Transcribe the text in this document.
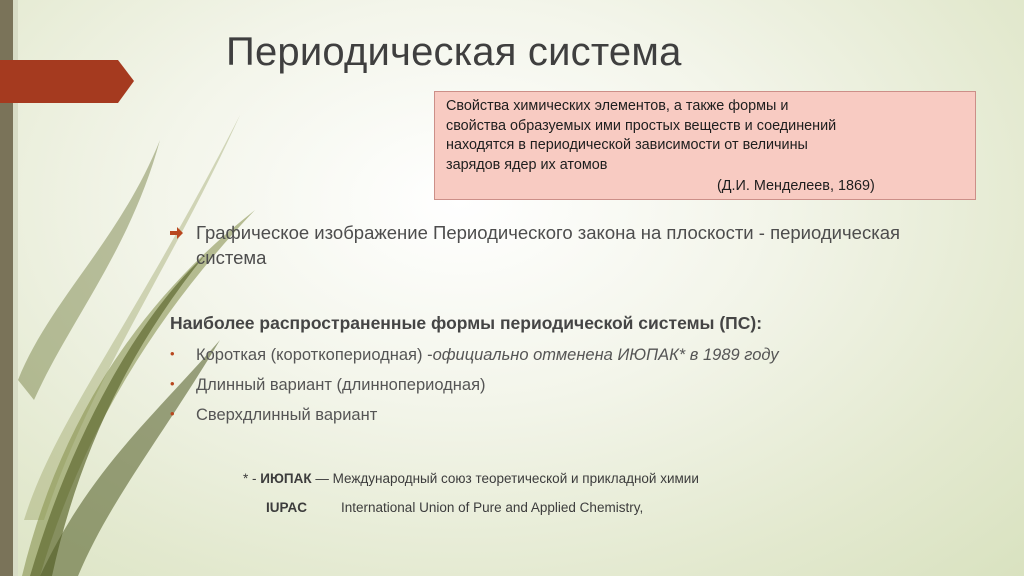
Периодическая система
Свойства химических элементов, а также формы и
свойства образуемых ими простых веществ и соединений
находятся в периодической зависимости от величины
зарядов ядер их атомов
(Д.И. Менделеев, 1869)
Графическое изображение Периодического закона на плоскости - периодическая система
Наиболее распространенные формы периодической системы (ПС):
• Короткая (короткопериодная) -официально отменена ИЮПАК* в 1989 году
• Длинный вариант (длиннопериодная)
• Сверхдлинный вариант
* - ИЮПАК — Международный союз теоретической и прикладной химии
IUPAC	International Union of Pure and Applied Chemistry,
